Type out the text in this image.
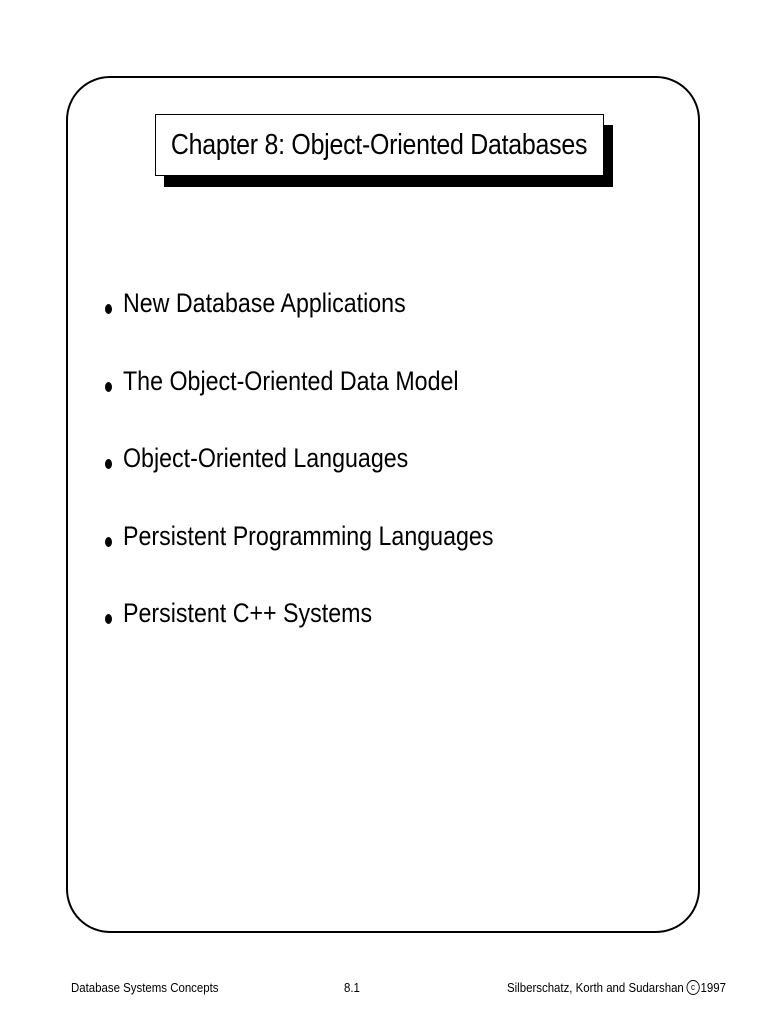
Chapter 8: Object-Oriented Databases
New Database Applications
The Object-Oriented Data Model
Object-Oriented Languages
Persistent Programming Languages
Persistent C++ Systems
Database Systems Concepts	8.1	Silberschatz, Korth and Sudarshan c 1997
